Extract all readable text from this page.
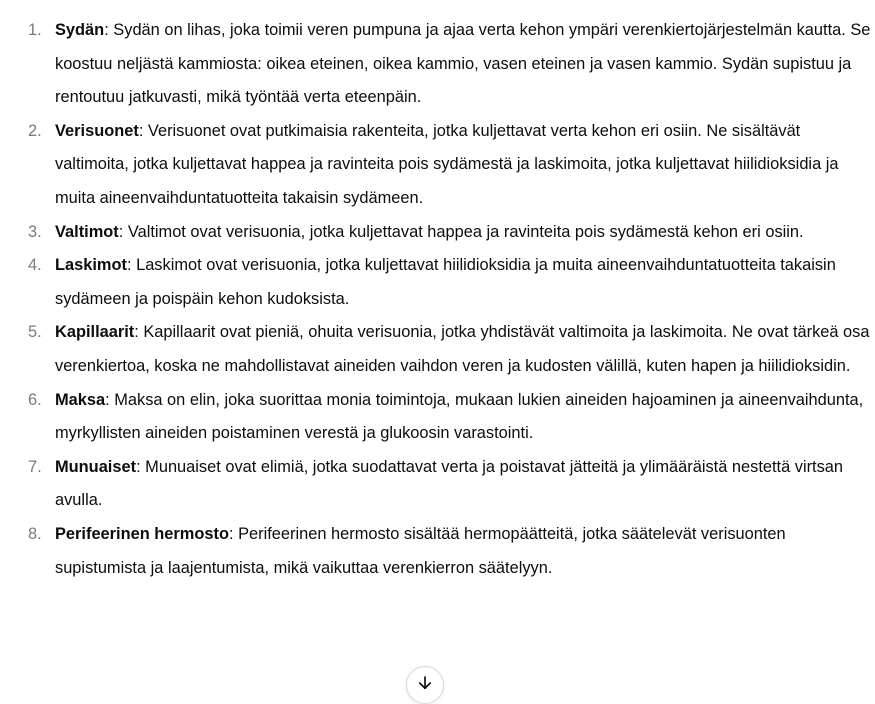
1. Sydän: Sydän on lihas, joka toimii veren pumpuna ja ajaa verta kehon ympäri verenkiertojärjestelmän kautta. Se koostuu neljästä kammiosta: oikea eteinen, oikea kammio, vasen eteinen ja vasen kammio. Sydän supistuu ja rentoutuu jatkuvasti, mikä työntää verta eteenpäin.
2. Verisuonet: Verisuonet ovat putkimaisia rakenteita, jotka kuljettavat verta kehon eri osiin. Ne sisältävät valtimoita, jotka kuljettavat happea ja ravinteita pois sydämestä ja laskimoita, jotka kuljettavat hiilidioksidia ja muita aineenvaihduntatuotteita takaisin sydämeen.
3. Valtimot: Valtimot ovat verisuonia, jotka kuljettavat happea ja ravinteita pois sydämestä kehon eri osiin.
4. Laskimot: Laskimot ovat verisuonia, jotka kuljettavat hiilidioksidia ja muita aineenvaihduntatuotteita takaisin sydämeen ja poispäin kehon kudoksista.
5. Kapillaarit: Kapillaarit ovat pieniä, ohuita verisuonia, jotka yhdistävät valtimoita ja laskimoita. Ne ovat tärkeä osa verenkiertoa, koska ne mahdollistavat aineiden vaihdon veren ja kudosten välillä, kuten hapen ja hiilidioksidin.
6. Maksa: Maksa on elin, joka suorittaa monia toimintoja, mukaan lukien aineiden hajoaminen ja aineenvaihdunta, myrkyllisten aineiden poistaminen verestä ja glukoosin varastointi.
7. Munuaiset: Munuaiset ovat elimiä, jotka suodattavat verta ja poistavat jätteitä ja ylimääräistä nestettä virtsan avulla.
8. Perifeerinen hermosto: Perifeerinen hermosto sisältää hermopäätteitä, jotka säätelevät verisuonten supistumista ja laajentumista, mikä vaikuttaa verenkierron säätelyyn.
